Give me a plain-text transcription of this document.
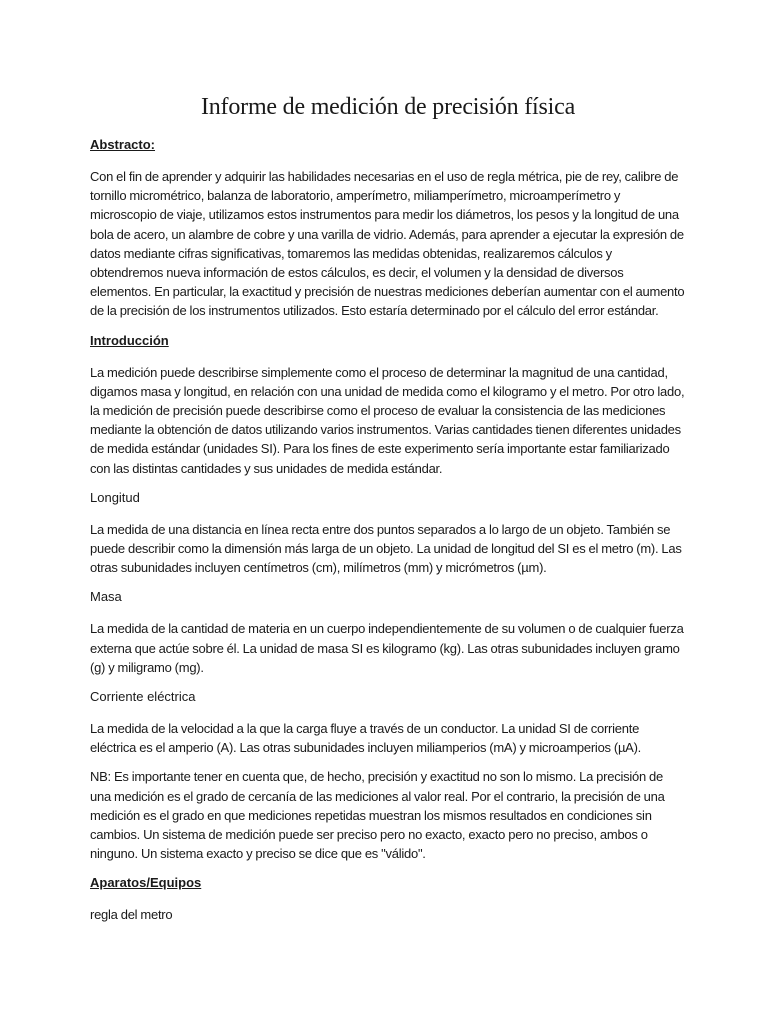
Informe de medición de precisión física
Abstracto:

Con el fin de aprender y adquirir las habilidades necesarias en el uso de regla métrica, pie de rey, calibre de tornillo micrométrico, balanza de laboratorio, amperímetro, miliamperímetro, microamperímetro y microscopio de viaje, utilizamos estos instrumentos para medir los diámetros, los pesos y la longitud de una bola de acero, un alambre de cobre y una varilla de vidrio. Además, para aprender a ejecutar la expresión de datos mediante cifras significativas, tomaremos las medidas obtenidas, realizaremos cálculos y obtendremos nueva información de estos cálculos, es decir, el volumen y la densidad de diversos elementos. En particular, la exactitud y precisión de nuestras mediciones deberían aumentar con el aumento de la precisión de los instrumentos utilizados. Esto estaría determinado por el cálculo del error estándar.

Introducción

La medición puede describirse simplemente como el proceso de determinar la magnitud de una cantidad, digamos masa y longitud, en relación con una unidad de medida como el kilogramo y el metro. Por otro lado, la medición de precisión puede describirse como el proceso de evaluar la consistencia de las mediciones mediante la obtención de datos utilizando varios instrumentos. Varias cantidades tienen diferentes unidades de medida estándar (unidades SI). Para los fines de este experimento sería importante estar familiarizado con las distintas cantidades y sus unidades de medida estándar.

Longitud

La medida de una distancia en línea recta entre dos puntos separados a lo largo de un objeto. También se puede describir como la dimensión más larga de un objeto. La unidad de longitud del SI es el metro (m). Las otras subunidades incluyen centímetros (cm), milímetros (mm) y micrómetros (µm).

Masa

La medida de la cantidad de materia en un cuerpo independientemente de su volumen o de cualquier fuerza externa que actúe sobre él. La unidad de masa SI es kilogramo (kg). Las otras subunidades incluyen gramo (g) y miligramo (mg).

Corriente eléctrica

La medida de la velocidad a la que la carga fluye a través de un conductor. La unidad SI de corriente eléctrica es el amperio (A). Las otras subunidades incluyen miliamperios (mA) y microamperios (µA).

NB: Es importante tener en cuenta que, de hecho, precisión y exactitud no son lo mismo. La precisión de una medición es el grado de cercanía de las mediciones al valor real. Por el contrario, la precisión de una medición es el grado en que mediciones repetidas muestran los mismos resultados en condiciones sin cambios. Un sistema de medición puede ser preciso pero no exacto, exacto pero no preciso, ambos o ninguno. Un sistema exacto y preciso se dice que es "válido".

Aparatos/Equipos

regla del metro
